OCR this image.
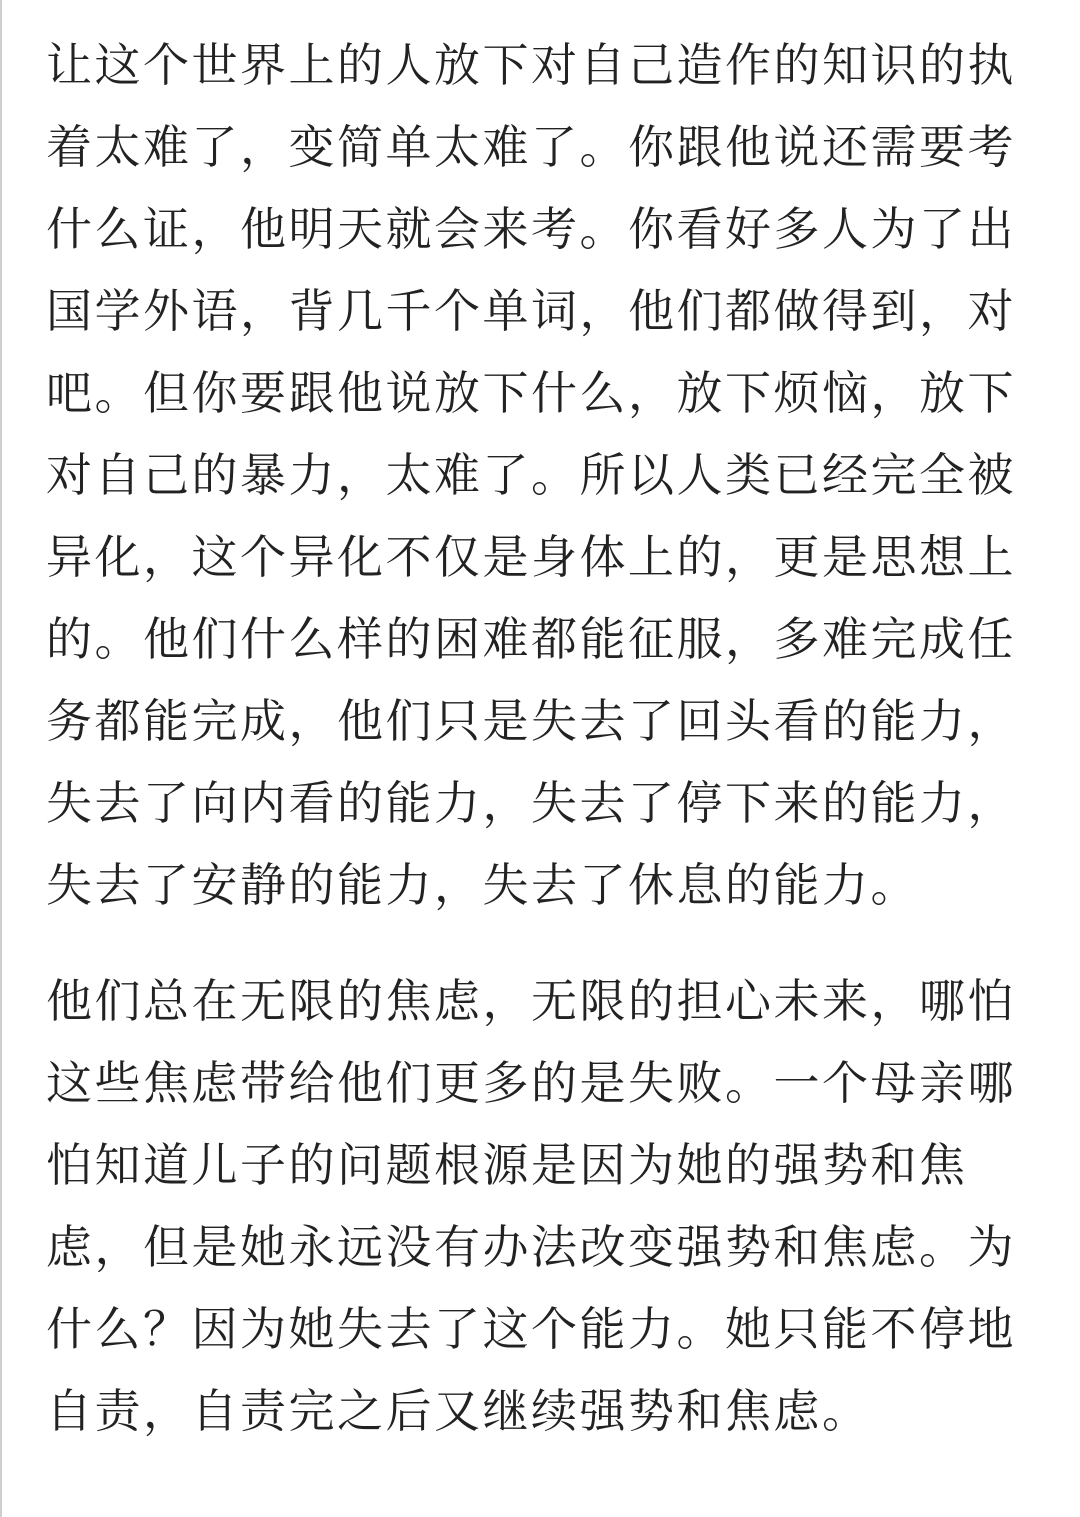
让这个世界上的人放下对自己造作的知识的执
着太难了，变简单太难了。你跟他说还需要考
什么证，他明天就会来考。你看好多人为了出
国学外语，背几千个单词，他们都做得到，对
吧。但你要跟他说放下什么，放下烦恼，放下
对自己的暴力，太难了。所以人类已经完全被
异化，这个异化不仅是身体上的，更是思想上
的。他们什么样的困难都能征服，多难完成任
务都能完成，他们只是失去了回头看的能力，
失去了向内看的能力，失去了停下来的能力，
失去了安静的能力，失去了休息的能力。

他们总在无限的焦虑，无限的担心未来，哪怕
这些焦虑带给他们更多的是失败。一个母亲哪
怕知道儿子的问题根源是因为她的强势和焦
虑，但是她永远没有办法改变强势和焦虑。为
什么？因为她失去了这个能力。她只能不停地
自责，自责完之后又继续强势和焦虑。
